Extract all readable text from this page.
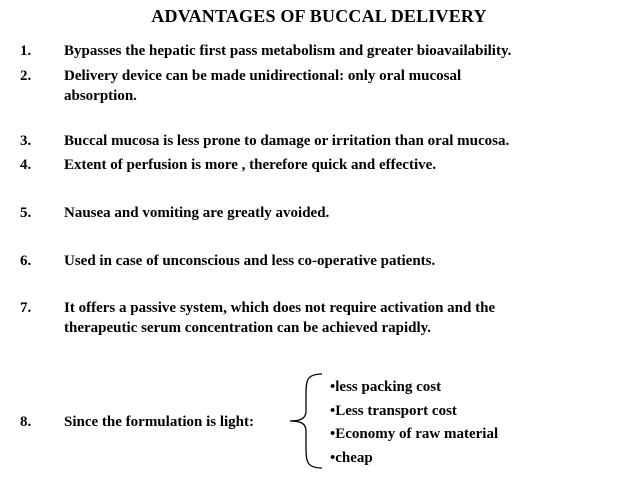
ADVANTAGES OF BUCCAL DELIVERY
1. Bypasses the hepatic first pass metabolism and greater bioavailability.
2. Delivery device can be made unidirectional: only oral mucosal
absorption.
3. Buccal mucosa is less prone to damage or irritation than oral mucosa.
4. Extent of perfusion is more , therefore quick and effective.
5. Nausea and vomiting are greatly avoided.
6. Used in case of unconscious and less co-operative patients.
7. It offers a passive system, which does not require activation and the
therapeutic serum concentration can be achieved rapidly.
8. Since the formulation is light:
•less packing cost
•Less transport cost
•Economy of raw material
•cheap
